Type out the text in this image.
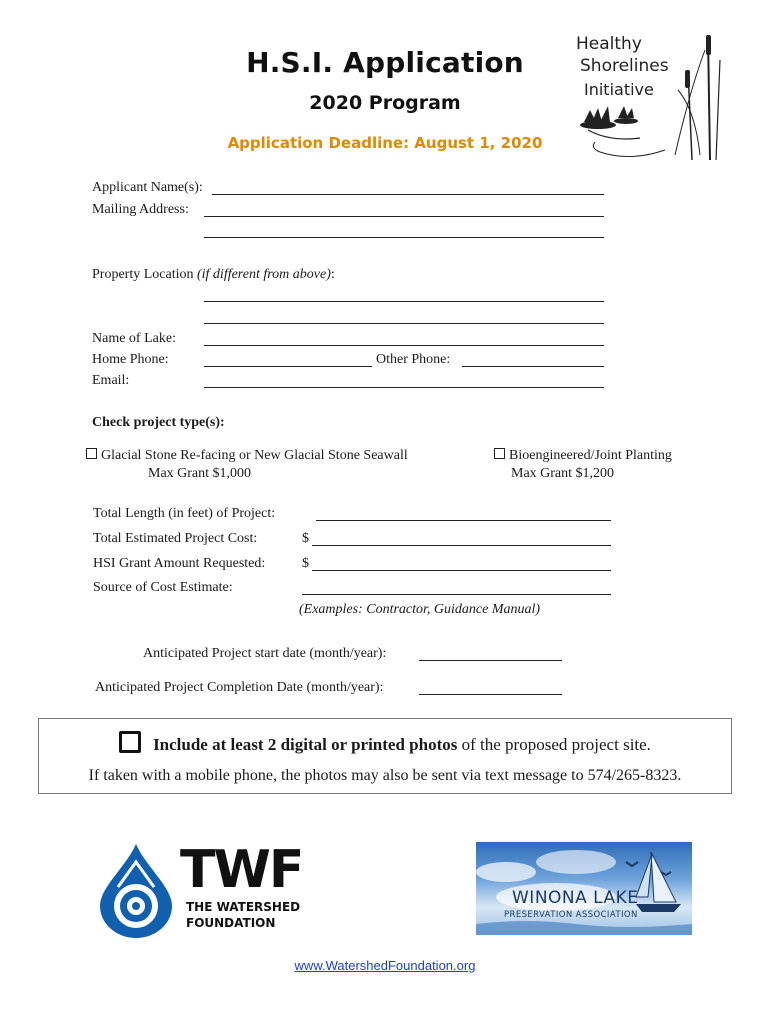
H.S.I. Application
2020 Program
Application Deadline: August 1, 2020
Healthy
Shorelines
Initiative
Applicant Name(s):
Mailing Address:
Property Location (if different from above):
Name of Lake:
Home Phone:	Other Phone:
Email:
Check project type(s):
Glacial Stone Re-facing or New Glacial Stone Seawall
Max Grant $1,000
Bioengineered/Joint Planting
Max Grant $1,200
Total Length (in feet) of Project:
Total Estimated Project Cost:	$
HSI Grant Amount Requested:	$
Source of Cost Estimate:
(Examples: Contractor, Guidance Manual)
Anticipated Project start date (month/year):
Anticipated Project Completion Date (month/year):
Include at least 2 digital or printed photos of the proposed project site.
If taken with a mobile phone, the photos may also be sent via text message to 574/265-8323.
TWF
THE WATERSHED
FOUNDATION
WINONA LAKE
PRESERVATION ASSOCIATION
www.WatershedFoundation.org
